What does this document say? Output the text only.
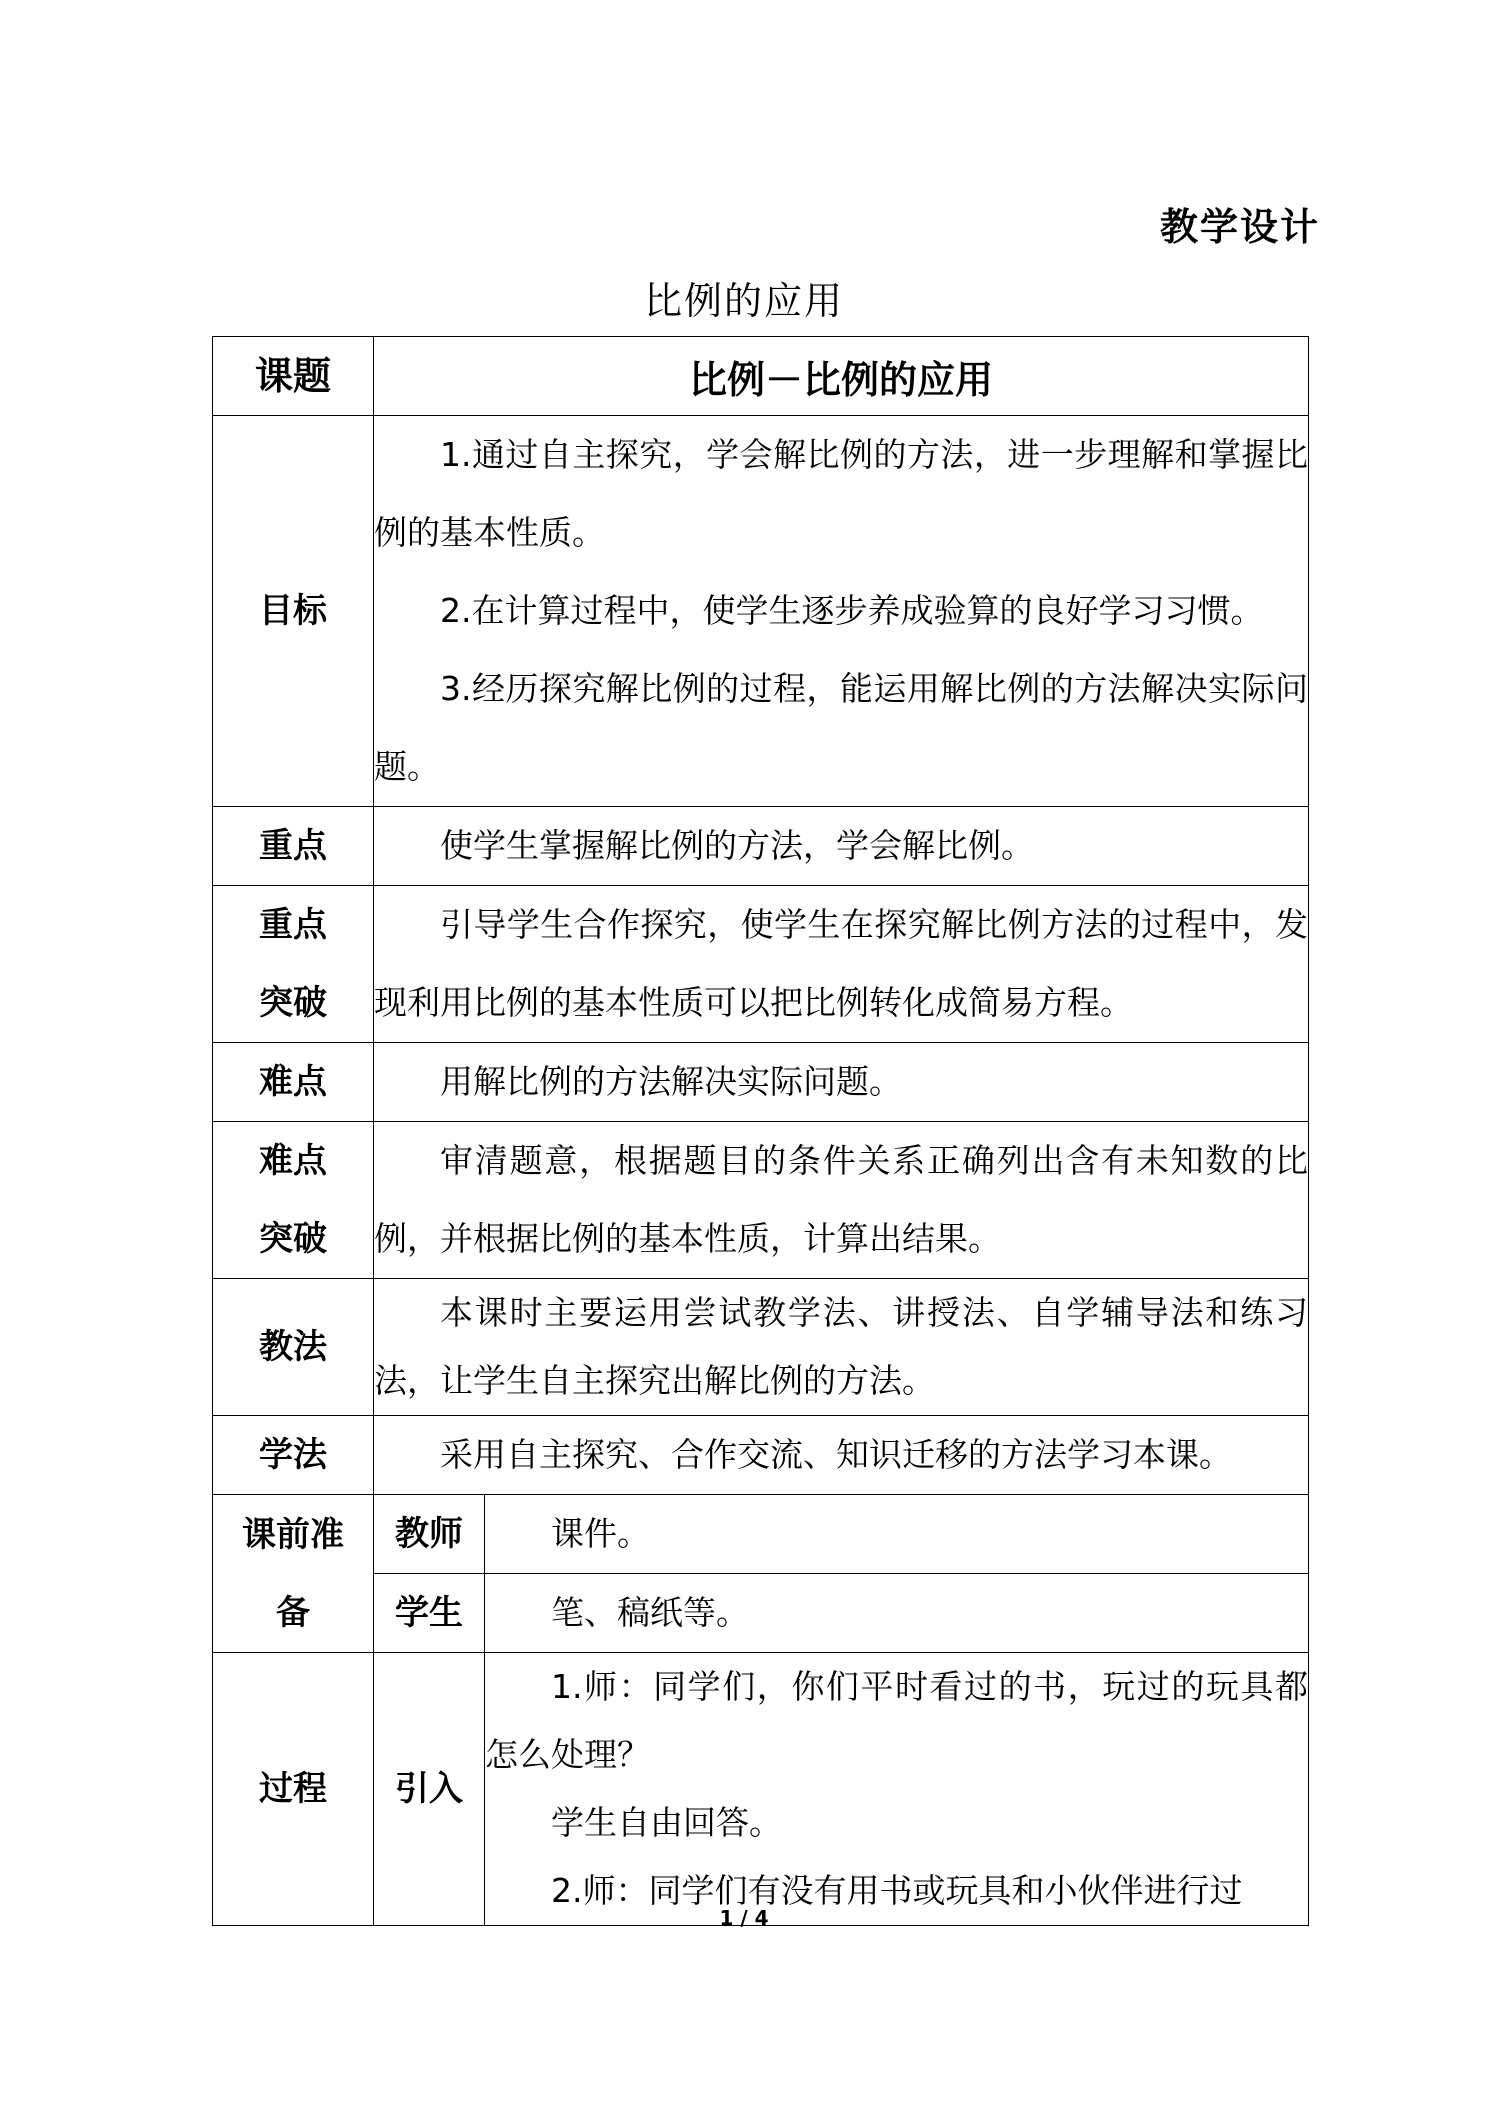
教学设计
比例的应用
课题	比例－比例的应用	
目标	1.通过自主探究，学会解比例的方法，进一步理解和掌握比例的基本性质。

2.在计算过程中，使学生逐步养成验算的良好学习习惯。

3.经历探究解比例的过程，能运用解比例的方法解决实际问题。	

重点	使学生掌握解比例的方法，学会解比例。	

重点
突破	引导学生合作探究，使学生在探究解比例方法的过程中，发现利用比例的基本性质可以把比例转化成简易方程。	

难点	用解比例的方法解决实际问题。	

难点
突破	审清题意，根据题目的条件关系正确列出含有未知数的比例，并根据比例的基本性质，计算出结果。	

教法	本课时主要运用尝试教学法、讲授法、自学辅导法和练习法，让学生自主探究出解比例的方法。	

学法	采用自主探究、合作交流、知识迁移的方法学习本课。	

课前准
备	教师	课件。

	学生	笔、稿纸等。

过程	引入	1.师：同学们，你们平时看过的书，玩过的玩具都怎么处理？

学生自由回答。

2.师：同学们有没有用书或玩具和小伙伴进行过

1 / 4
